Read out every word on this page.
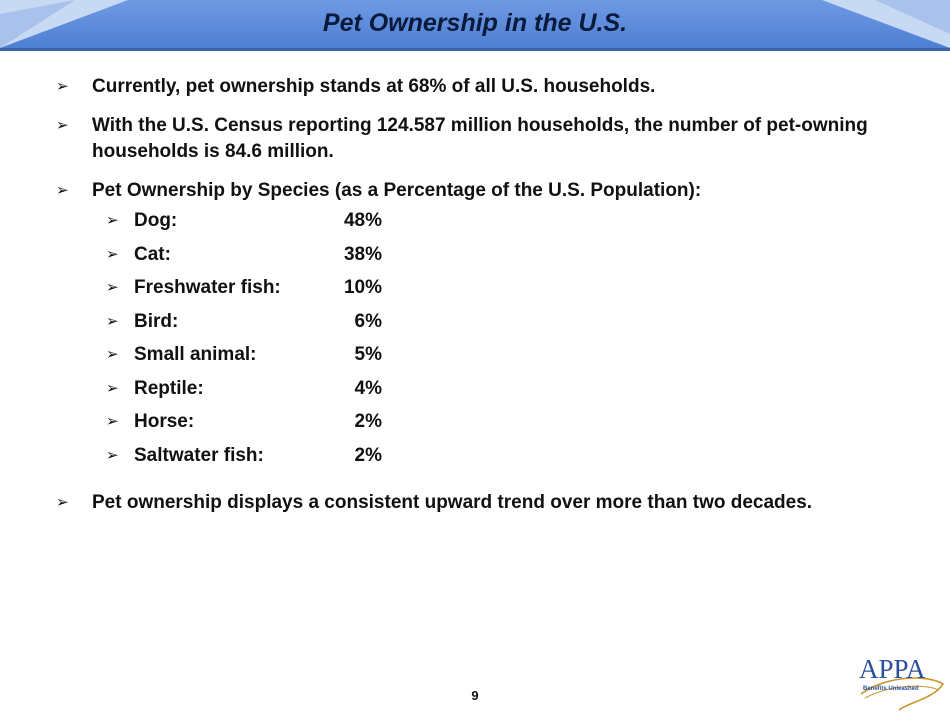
Pet Ownership in the U.S.
➢ Currently, pet ownership stands at 68% of all U.S. households.
➢ With the U.S. Census reporting 124.587 million households, the number of pet-owning households is 84.6 million.
➢ Pet Ownership by Species (as a Percentage of the U.S. Population):
➢ Dog:	48%
➢ Cat:	38%
➢ Freshwater fish:	10%
➢ Bird:	6%
➢ Small animal:	5%
➢ Reptile:	4%
➢ Horse:	2%
➢ Saltwater fish:	2%
➢ Pet ownership displays a consistent upward trend over more than two decades.
9
APPA
Benefits Unleashed
